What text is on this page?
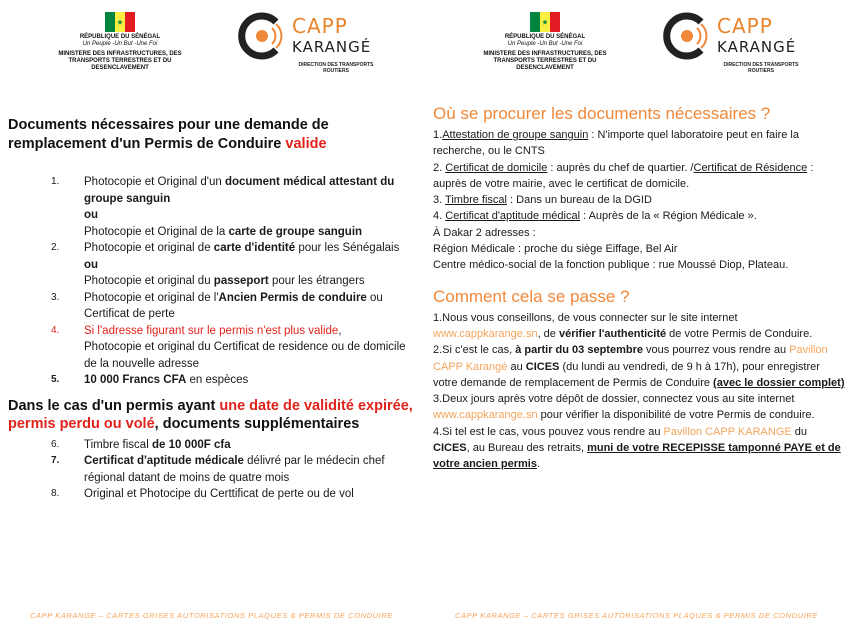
RÉPUBLIQUE DU SÉNÉGAL
Un Peuple -Un But -Une Foi
MINISTERE DES INFRASTRUCTURES, DES TRANSPORTS TERRESTRES ET DU DESENCLAVEMENT
CAPP
KARANGÉ
DIRECTION DES TRANSPORTS ROUTIERS
Documents nécessaires pour une demande de remplacement d'un Permis de Conduire valide
1. Photocopie et Original d'un document médical attestant du groupe sanguin
ou
Photocopie et Original de la carte de groupe sanguin
2. Photocopie et original de carte d'identité pour les Sénégalais
ou
Photocopie et original du passeport pour les étrangers
3. Photocopie et original de l'Ancien Permis de conduire ou Certificat de perte
4. Si l'adresse figurant sur le permis n'est plus valide,
Photocopie et original du Certificat de residence ou de domicile de la nouvelle adresse
5. 10 000 Francs CFA en espèces
Dans le cas d'un permis ayant une date de validité expirée, permis perdu ou volé, documents supplémentaires
6. Timbre fiscal de 10 000F cfa
7. Certificat d'aptitude médicale délivré par le médecin chef régional datant de moins de quatre mois
8. Original et Photocipe du Certtificat de perte ou de vol
CAPP KARANGE – CARTES GRISES AUTORISATIONS PLAQUES & PERMIS DE CONDUIRE
RÉPUBLIQUE DU SÉNÉGAL
Un Peuple -Un But -Une Foi
MINISTERE DES INFRASTRUCTURES, DES TRANSPORTS TERRESTRES ET DU DESENCLAVEMENT
CAPP
KARANGÉ
DIRECTION DES TRANSPORTS ROUTIERS
Où se procurer les documents nécessaires ?

1.Attestation de groupe sanguin : N'importe quel laboratoire peut en faire la recherche, ou le CNTS

2. Certificat de domicile : auprès du chef de quartier. /Certificat de Résidence : auprès de votre mairie, avec le certificat de domicile.

3. Timbre fiscal : Dans un bureau de la DGID

4. Certificat d'aptitude médical : Auprès de la « Région Médicale ».

À Dakar 2 adresses :

Région Médicale : proche du siège Eiffage, Bel Air

Centre médico-social de la fonction publique : rue Moussé Diop, Plateau.

Comment cela se passe ?

1.Nous vous conseillons, de vous connecter sur le site internet www.cappkarange.sn, de vérifier l'authenticité de votre Permis de Conduire.

2.Si c'est le cas, à partir du 03 septembre vous pourrez vous rendre au Pavillon CAPP Karangé au CICES (du lundi au vendredi, de 9 h à 17h), pour enregistrer votre demande de remplacement de Permis de Conduire (avec le dossier complet)

3.Deux jours après votre dépôt de dossier, connectez vous au site internet www.cappkarange.sn pour vérifier la disponibilité de votre Permis de conduire.

4.Si tel est le cas, vous pouvez vous rendre au Pavillon CAPP KARANGE du CICES, au Bureau des retraits, muni de votre RECEPISSE tamponné PAYE et de votre ancien permis.

CAPP KARANGE – CARTES GRISES AUTORISATIONS PLAQUES & PERMIS DE CONDUIRE
